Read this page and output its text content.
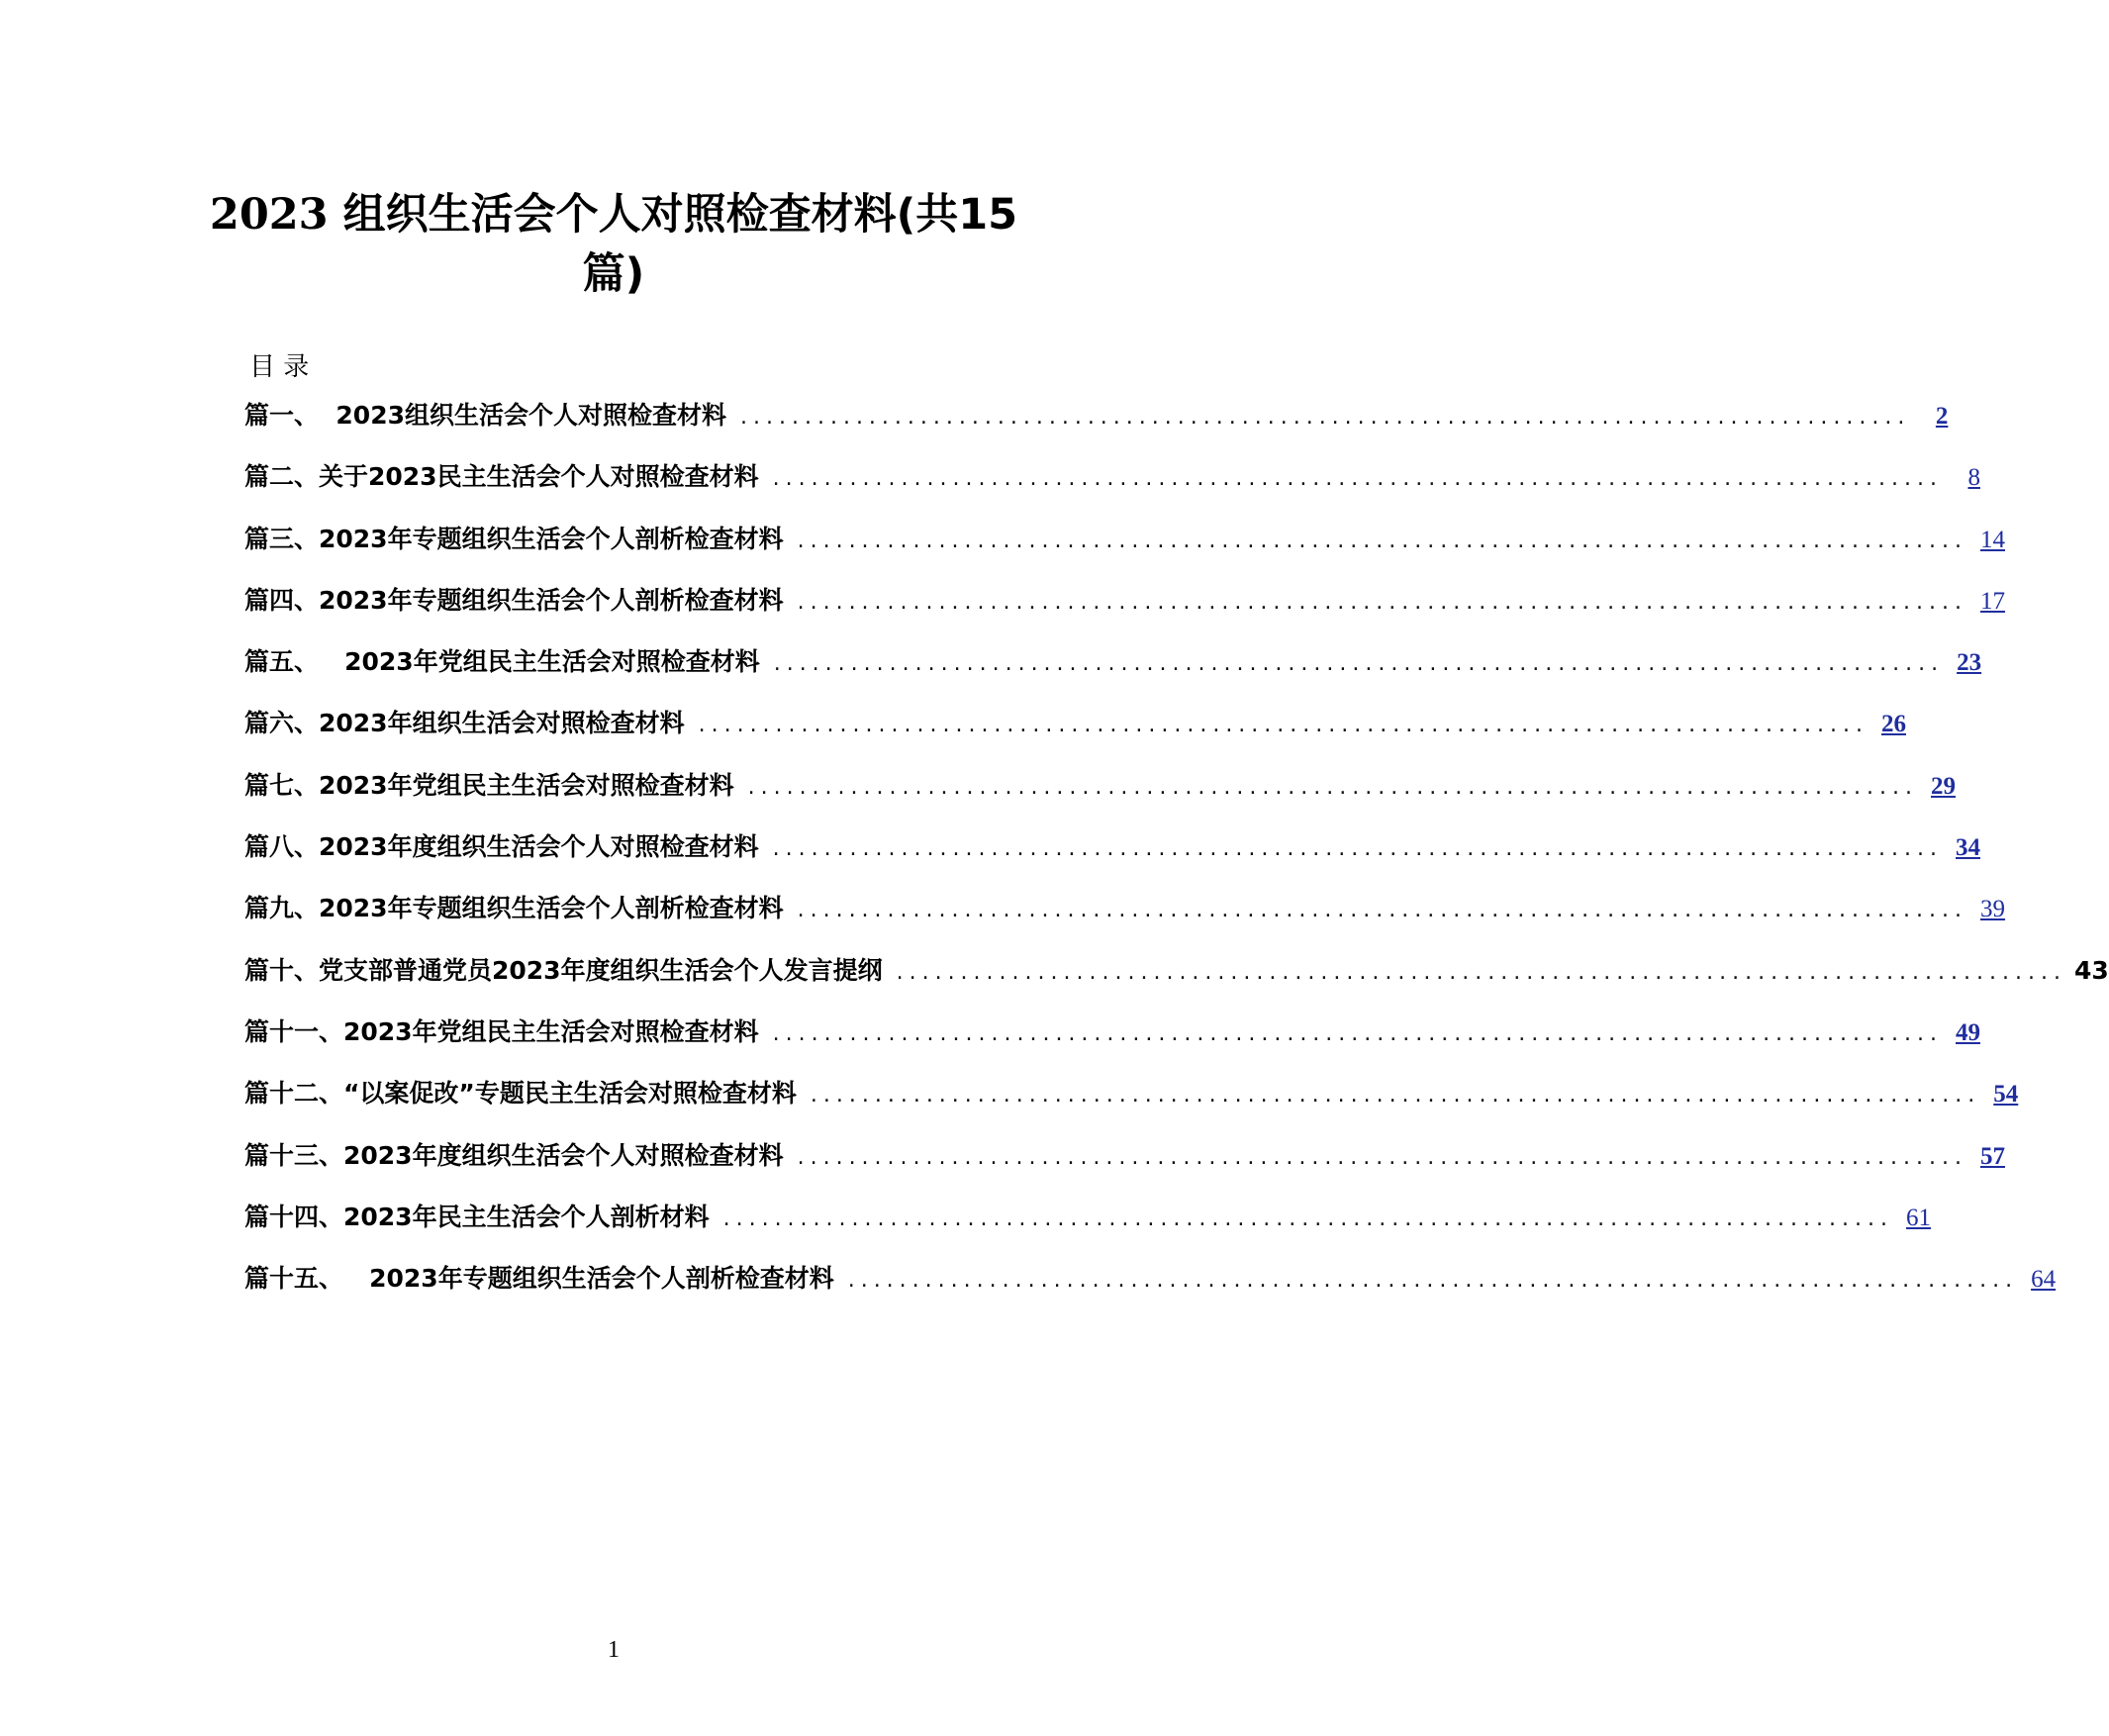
2023 组织生活会个人对照检查材料(共15
篇)
目 录
篇一、  2023组织生活会个人对照检查材料 ...........................................................................................	2
篇二、关于2023民主生活会个人对照检查材料 ...........................................................................................	8
篇三、2023年专题组织生活会个人剖析检查材料 ........................................................................................... 14
篇四、2023年专题组织生活会个人剖析检查材料 ........................................................................................... 17
篇五、   2023年党组民主生活会对照检查材料 ........................................................................................... 23
篇六、2023年组织生活会对照检查材料 ........................................................................................... 26
篇七、2023年党组民主生活会对照检查材料 ........................................................................................... 29
篇八、2023年度组织生活会个人对照检查材料 ........................................................................................... 34
篇九、2023年专题组织生活会个人剖析检查材料 ........................................................................................... 39
篇十、党支部普通党员2023年度组织生活会个人发言提纲 ........................................................................................... 43
篇十一、2023年党组民主生活会对照检查材料 ........................................................................................... 49
篇十二、“以案促改”专题民主生活会对照检查材料 ........................................................................................... 54
篇十三、2023年度组织生活会个人对照检查材料 ........................................................................................... 57
篇十四、2023年民主生活会个人剖析材料 ........................................................................................... 61
篇十五、   2023年专题组织生活会个人剖析检查材料 ........................................................................................... 64
1
